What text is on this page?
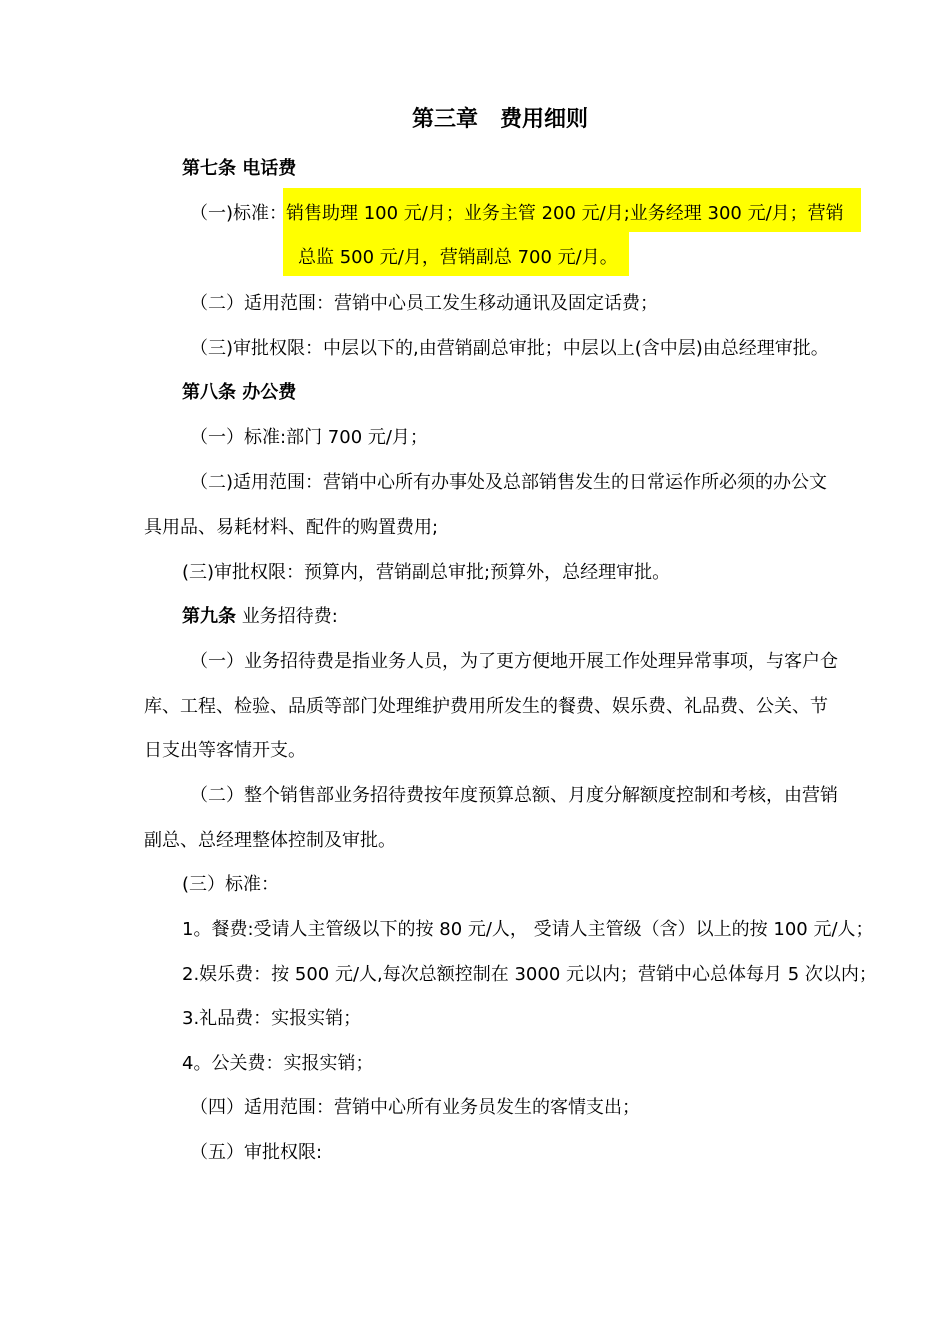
第三章　费用细则
第七条 电话费
（一)标准：
销售助理 100 元/月；业务主管 200 元/月;业务经理 300 元/月；营销
总监 500 元/月，营销副总 700 元/月。
（二）适用范围：营销中心员工发生移动通讯及固定话费；
（三)审批权限：中层以下的,由营销副总审批；中层以上(含中层)由总经理审批。
第八条 办公费
（一）标准:部门 700 元/月；
（二)适用范围：营销中心所有办事处及总部销售发生的日常运作所必须的办公文
具用品、易耗材料、配件的购置费用;
(三)审批权限：预算内，营销副总审批;预算外，总经理审批。
第九条 业务招待费:
（一）业务招待费是指业务人员，为了更方便地开展工作处理异常事项，与客户仓
库、工程、检验、品质等部门处理维护费用所发生的餐费、娱乐费、礼品费、公关、节
日支出等客情开支。
（二）整个销售部业务招待费按年度预算总额、月度分解额度控制和考核，由营销
副总、总经理整体控制及审批。
(三）标准：
1。餐费:受请人主管级以下的按 80 元/人， 受请人主管级（含）以上的按 100 元/人；
2.娱乐费：按 500 元/人,每次总额控制在 3000 元以内；营销中心总体每月 5 次以内；
3.礼品费：实报实销；
4。公关费：实报实销；
（四）适用范围：营销中心所有业务员发生的客情支出；
（五）审批权限:
